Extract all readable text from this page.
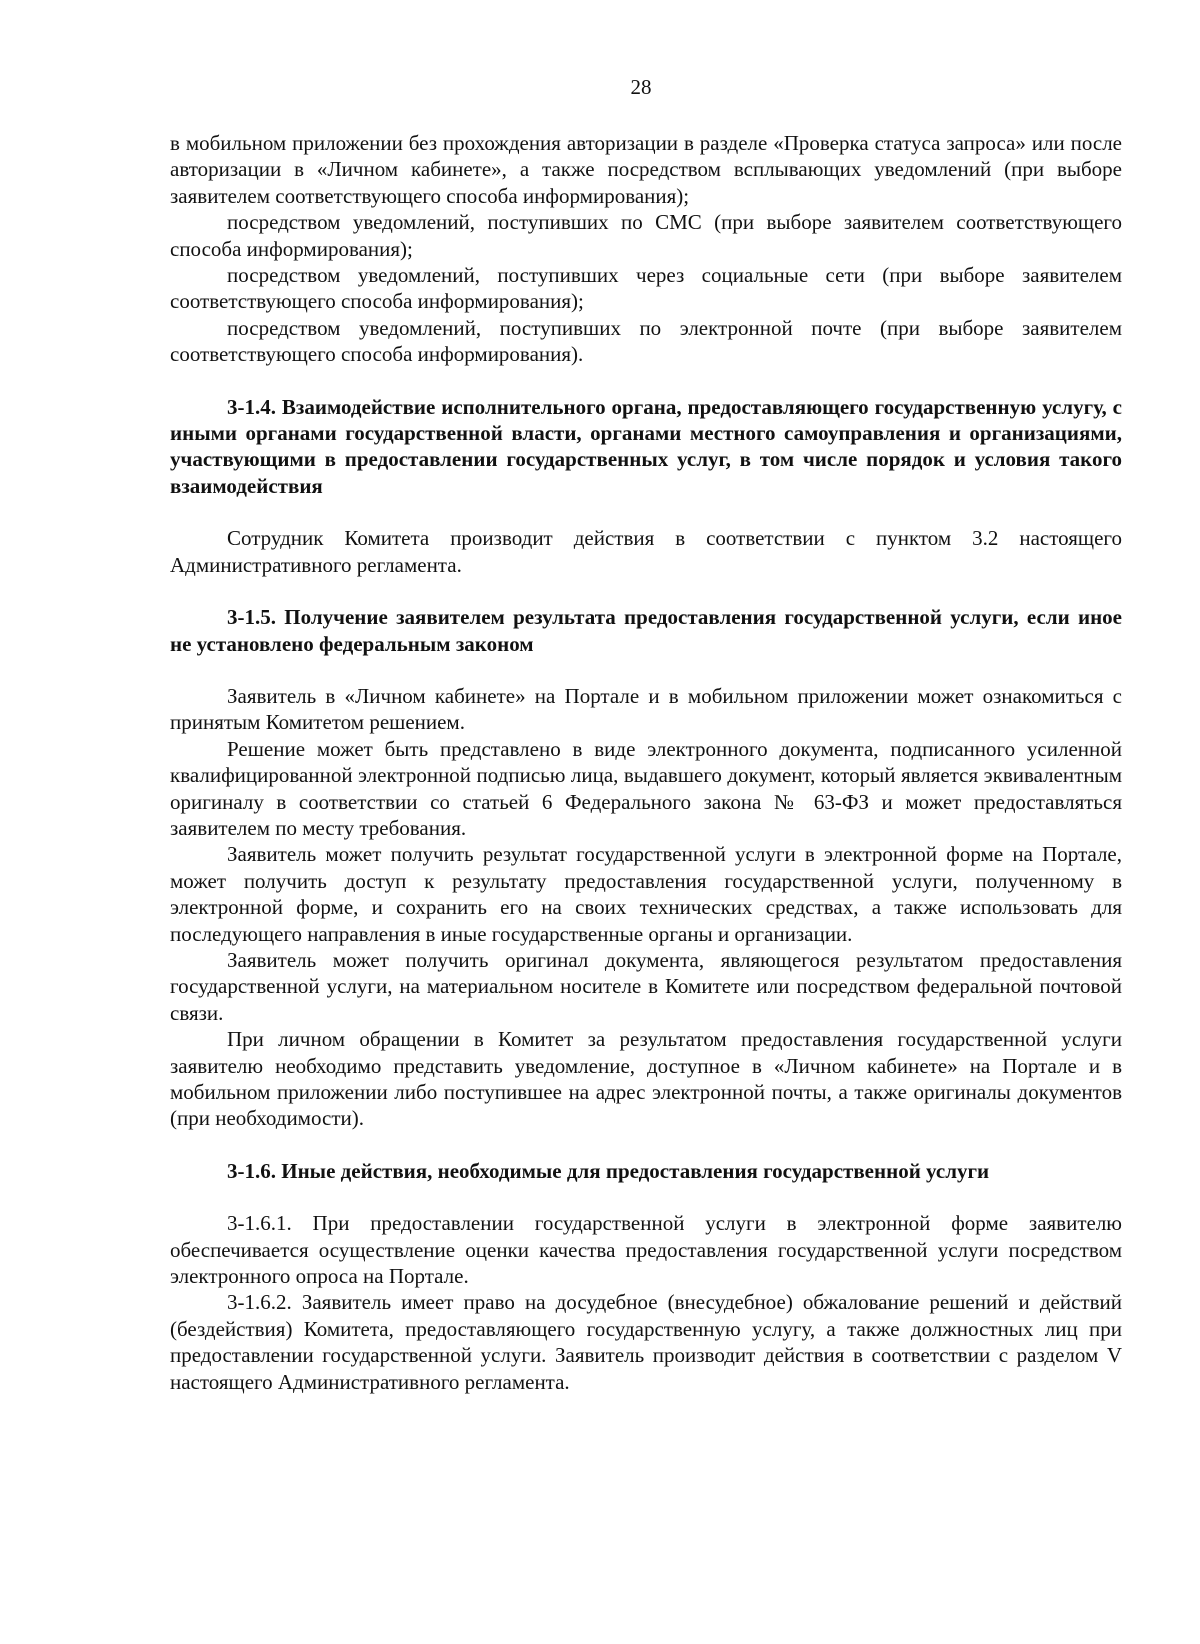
28

в мобильном приложении без прохождения авторизации в разделе «Проверка статуса запроса» или после авторизации в «Личном кабинете», а также посредством всплывающих уведомлений (при выборе заявителем соответствующего способа информирования);

посредством уведомлений, поступивших по СМС (при выборе заявителем соответствующего способа информирования);

посредством уведомлений, поступивших через социальные сети (при выборе заявителем соответствующего способа информирования);

посредством уведомлений, поступивших по электронной почте (при выборе заявителем соответствующего способа информирования).

3-1.4. Взаимодействие исполнительного органа, предоставляющего государственную услугу, с иными органами государственной власти, органами местного самоуправления и организациями, участвующими в предоставлении государственных услуг, в том числе порядок и условия такого взаимодействия

Сотрудник Комитета производит действия в соответствии с пунктом 3.2 настоящего Административного регламента.

3-1.5. Получение заявителем результата предоставления государственной услуги, если иное не установлено федеральным законом

Заявитель в «Личном кабинете» на Портале и в мобильном приложении может ознакомиться с принятым Комитетом решением.

Решение может быть представлено в виде электронного документа, подписанного усиленной квалифицированной электронной подписью лица, выдавшего документ, который является эквивалентным оригиналу в соответствии со статьей 6 Федерального закона № 63-ФЗ и может предоставляться заявителем по месту требования.

Заявитель может получить результат государственной услуги в электронной форме на Портале, может получить доступ к результату предоставления государственной услуги, полученному в электронной форме, и сохранить его на своих технических средствах, а также использовать для последующего направления в иные государственные органы и организации.

Заявитель может получить оригинал документа, являющегося результатом предоставления государственной услуги, на материальном носителе в Комитете или посредством федеральной почтовой связи.

При личном обращении в Комитет за результатом предоставления государственной услуги заявителю необходимо представить уведомление, доступное в «Личном кабинете» на Портале и в мобильном приложении либо поступившее на адрес электронной почты, а также оригиналы документов (при необходимости).

3-1.6. Иные действия, необходимые для предоставления государственной услуги

3-1.6.1. При предоставлении государственной услуги в электронной форме заявителю обеспечивается осуществление оценки качества предоставления государственной услуги посредством электронного опроса на Портале.

3-1.6.2. Заявитель имеет право на досудебное (внесудебное) обжалование решений и действий (бездействия) Комитета, предоставляющего государственную услугу, а также должностных лиц при предоставлении государственной услуги. Заявитель производит действия в соответствии с разделом V настоящего Административного регламента.
